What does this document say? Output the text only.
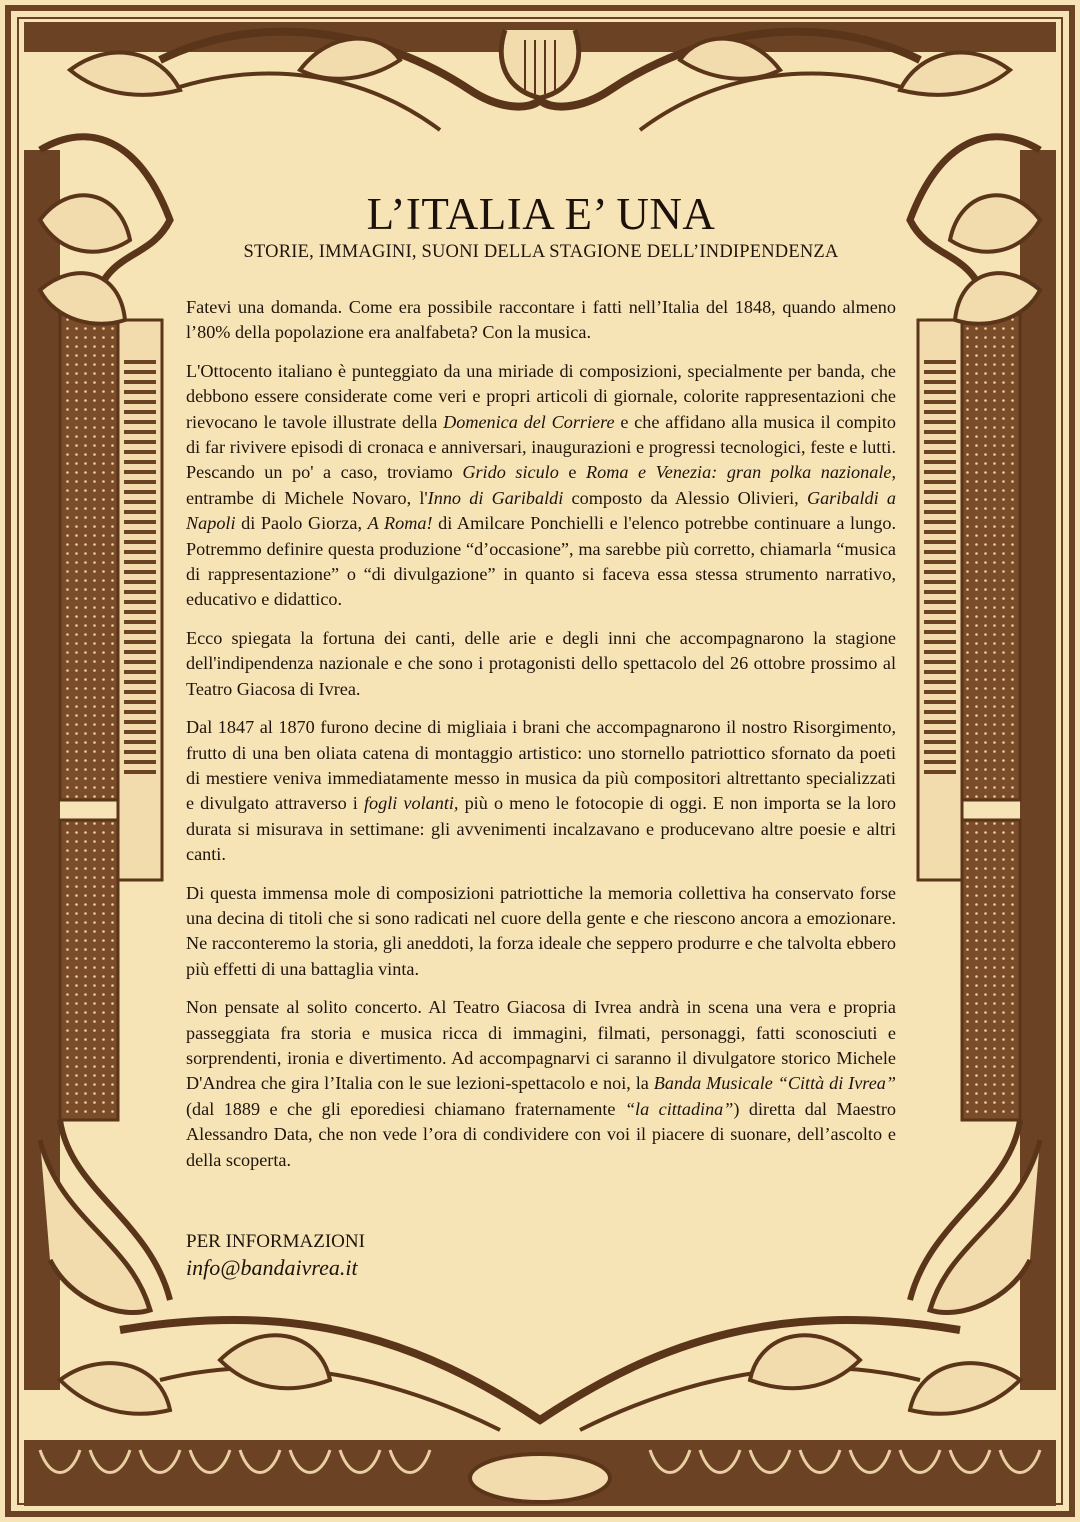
L’ITALIA E’ UNA
STORIE, IMMAGINI, SUONI DELLA STAGIONE DELL’INDIPENDENZA

Fatevi una domanda. Come era possibile raccontare i fatti nell’Italia del 1848, quando almeno l’80% della popolazione era analfabeta? Con la musica.

L'Ottocento italiano è punteggiato da una miriade di composizioni, specialmente per banda, che debbono essere considerate come veri e propri articoli di giornale, colorite rappresentazioni che rievocano le tavole illustrate della Domenica del Corriere e che affidano alla musica il compito di far rivivere episodi di cronaca e anniversari, inaugurazioni e progressi tecnologici, feste e lutti. Pescando un po' a caso, troviamo Grido siculo e Roma e Venezia: gran polka nazionale, entrambe di Michele Novaro, l'Inno di Garibaldi composto da Alessio Olivieri, Garibaldi a Napoli di Paolo Giorza, A Roma! di Amilcare Ponchielli e l'elenco potrebbe continuare a lungo. Potremmo definire questa produzione “d’occasione”, ma sarebbe più corretto, chiamarla “musica di rappresentazione” o “di divulgazione” in quanto si faceva essa stessa strumento narrativo, educativo e didattico.

Ecco spiegata la fortuna dei canti, delle arie e degli inni che accompagnarono la stagione dell'indipendenza nazionale e che sono i protagonisti dello spettacolo del 26 ottobre prossimo al Teatro Giacosa di Ivrea.

Dal 1847 al 1870 furono decine di migliaia i brani che accompagnarono il nostro Risorgimento, frutto di una ben oliata catena di montaggio artistico: uno stornello patriottico sfornato da poeti di mestiere veniva immediatamente messo in musica da più compositori altrettanto specializzati e divulgato attraverso i fogli volanti, più o meno le fotocopie di oggi. E non importa se la loro durata si misurava in settimane: gli avvenimenti incalzavano e producevano altre poesie e altri canti.

Di questa immensa mole di composizioni patriottiche la memoria collettiva ha conservato forse una decina di titoli che si sono radicati nel cuore della gente e che riescono ancora a emozionare. Ne racconteremo la storia, gli aneddoti, la forza ideale che seppero produrre e che talvolta ebbero più effetti di una battaglia vinta.

Non pensate al solito concerto. Al Teatro Giacosa di Ivrea andrà in scena una vera e propria passeggiata fra storia e musica ricca di immagini, filmati, personaggi, fatti sconosciuti e sorprendenti, ironia e divertimento. Ad accompagnarvi ci saranno il divulgatore storico Michele D'Andrea che gira l’Italia con le sue lezioni-spettacolo e noi, la Banda Musicale “Città di Ivrea” (dal 1889 e che gli eporediesi chiamano fraternamente “la cittadina”) diretta dal Maestro Alessandro Data, che non vede l’ora di condividere con voi il piacere di suonare, dell’ascolto e della scoperta.

PER INFORMAZIONI
info@bandaivrea.it
